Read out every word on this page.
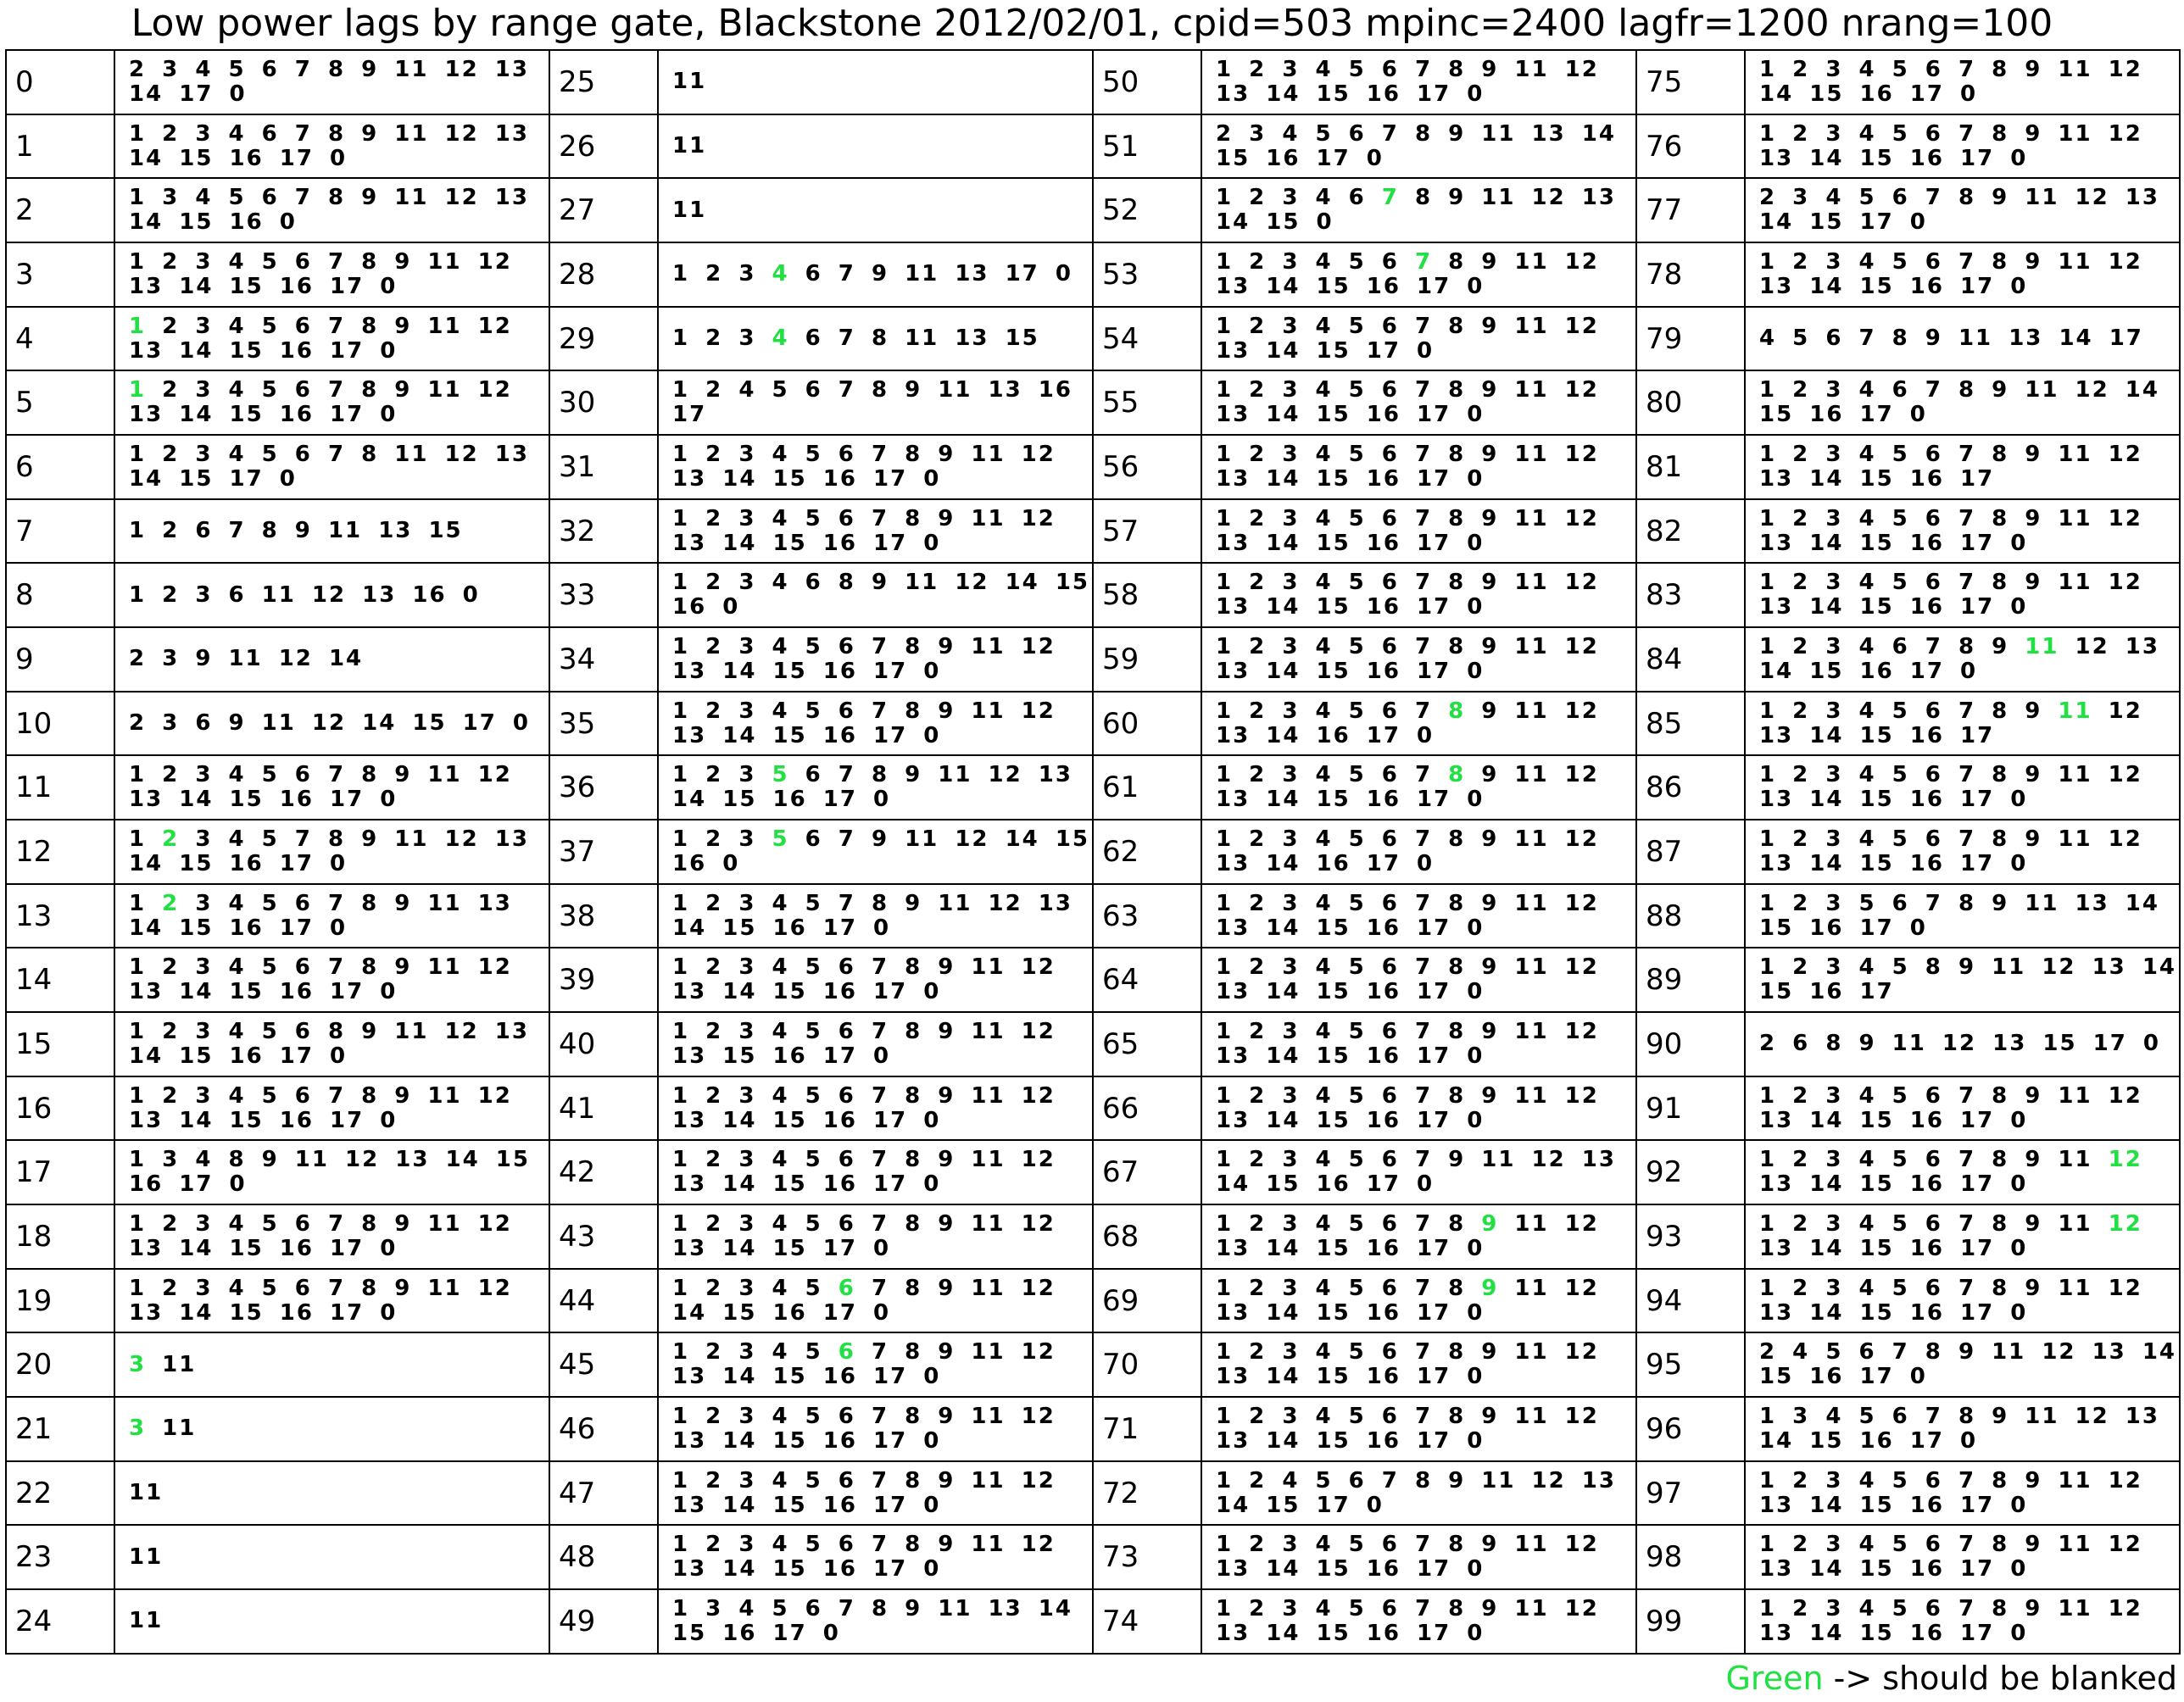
Low power lags by range gate, Blackstone 2012/02/01, cpid=503 mpinc=2400 lagfr=1200 nrang=100
0	2 3 4 5 6 7 8 9 11 12 13 14 17 0	25	11	50	1 2 3 4 5 6 7 8 9 11 12 13 14 15 16 17 0	75	1 2 3 4 5 6 7 8 9 11 12 14 15 16 17 0
1	1 2 3 4 6 7 8 9 11 12 13 14 15 16 17 0	26	11	51	2 3 4 5 6 7 8 9 11 13 14 15 16 17 0	76	1 2 3 4 5 6 7 8 9 11 12 13 14 15 16 17 0
2	1 3 4 5 6 7 8 9 11 12 13 14 15 16 0	27	11	52	1 2 3 4 6 7 8 9 11 12 13 14 15 0	77	2 3 4 5 6 7 8 9 11 12 13 14 15 17 0
3	1 2 3 4 5 6 7 8 9 11 12 13 14 15 16 17 0	28	1 2 3 4 6 7 9 11 13 17 0	53	1 2 3 4 5 6 7 8 9 11 12 13 14 15 16 17 0	78	1 2 3 4 5 6 7 8 9 11 12 13 14 15 16 17 0
4	1 2 3 4 5 6 7 8 9 11 12 13 14 15 16 17 0	29	1 2 3 4 6 7 8 11 13 15	54	1 2 3 4 5 6 7 8 9 11 12 13 14 15 17 0	79	4 5 6 7 8 9 11 13 14 17
5	1 2 3 4 5 6 7 8 9 11 12 13 14 15 16 17 0	30	1 2 4 5 6 7 8 9 11 13 16 17	55	1 2 3 4 5 6 7 8 9 11 12 13 14 15 16 17 0	80	1 2 3 4 6 7 8 9 11 12 14 15 16 17 0
6	1 2 3 4 5 6 7 8 11 12 13 14 15 17 0	31	1 2 3 4 5 6 7 8 9 11 12 13 14 15 16 17 0	56	1 2 3 4 5 6 7 8 9 11 12 13 14 15 16 17 0	81	1 2 3 4 5 6 7 8 9 11 12 13 14 15 16 17
7	1 2 6 7 8 9 11 13 15	32	1 2 3 4 5 6 7 8 9 11 12 13 14 15 16 17 0	57	1 2 3 4 5 6 7 8 9 11 12 13 14 15 16 17 0	82	1 2 3 4 5 6 7 8 9 11 12 13 14 15 16 17 0
8	1 2 3 6 11 12 13 16 0	33	1 2 3 4 6 8 9 11 12 14 15 16 0	58	1 2 3 4 5 6 7 8 9 11 12 13 14 15 16 17 0	83	1 2 3 4 5 6 7 8 9 11 12 13 14 15 16 17 0
9	2 3 9 11 12 14	34	1 2 3 4 5 6 7 8 9 11 12 13 14 15 16 17 0	59	1 2 3 4 5 6 7 8 9 11 12 13 14 15 16 17 0	84	1 2 3 4 6 7 8 9 11 12 13 14 15 16 17 0
10	2 3 6 9 11 12 14 15 17 0	35	1 2 3 4 5 6 7 8 9 11 12 13 14 15 16 17 0	60	1 2 3 4 5 6 7 8 9 11 12 13 14 16 17 0	85	1 2 3 4 5 6 7 8 9 11 12 13 14 15 16 17
11	1 2 3 4 5 6 7 8 9 11 12 13 14 15 16 17 0	36	1 2 3 5 6 7 8 9 11 12 13 14 15 16 17 0	61	1 2 3 4 5 6 7 8 9 11 12 13 14 15 16 17 0	86	1 2 3 4 5 6 7 8 9 11 12 13 14 15 16 17 0
12	1 2 3 4 5 7 8 9 11 12 13 14 15 16 17 0	37	1 2 3 5 6 7 9 11 12 14 15 16 0	62	1 2 3 4 5 6 7 8 9 11 12 13 14 16 17 0	87	1 2 3 4 5 6 7 8 9 11 12 13 14 15 16 17 0
13	1 2 3 4 5 6 7 8 9 11 13 14 15 16 17 0	38	1 2 3 4 5 7 8 9 11 12 13 14 15 16 17 0	63	1 2 3 4 5 6 7 8 9 11 12 13 14 15 16 17 0	88	1 2 3 5 6 7 8 9 11 13 14 15 16 17 0
14	1 2 3 4 5 6 7 8 9 11 12 13 14 15 16 17 0	39	1 2 3 4 5 6 7 8 9 11 12 13 14 15 16 17 0	64	1 2 3 4 5 6 7 8 9 11 12 13 14 15 16 17 0	89	1 2 3 4 5 8 9 11 12 13 14 15 16 17
15	1 2 3 4 5 6 8 9 11 12 13 14 15 16 17 0	40	1 2 3 4 5 6 7 8 9 11 12 13 15 16 17 0	65	1 2 3 4 5 6 7 8 9 11 12 13 14 15 16 17 0	90	2 6 8 9 11 12 13 15 17 0
16	1 2 3 4 5 6 7 8 9 11 12 13 14 15 16 17 0	41	1 2 3 4 5 6 7 8 9 11 12 13 14 15 16 17 0	66	1 2 3 4 5 6 7 8 9 11 12 13 14 15 16 17 0	91	1 2 3 4 5 6 7 8 9 11 12 13 14 15 16 17 0
17	1 3 4 8 9 11 12 13 14 15 16 17 0	42	1 2 3 4 5 6 7 8 9 11 12 13 14 15 16 17 0	67	1 2 3 4 5 6 7 9 11 12 13 14 15 16 17 0	92	1 2 3 4 5 6 7 8 9 11 12 13 14 15 16 17 0
18	1 2 3 4 5 6 7 8 9 11 12 13 14 15 16 17 0	43	1 2 3 4 5 6 7 8 9 11 12 13 14 15 17 0	68	1 2 3 4 5 6 7 8 9 11 12 13 14 15 16 17 0	93	1 2 3 4 5 6 7 8 9 11 12 13 14 15 16 17 0
19	1 2 3 4 5 6 7 8 9 11 12 13 14 15 16 17 0	44	1 2 3 4 5 6 7 8 9 11 12 14 15 16 17 0	69	1 2 3 4 5 6 7 8 9 11 12 13 14 15 16 17 0	94	1 2 3 4 5 6 7 8 9 11 12 13 14 15 16 17 0
20	3 11	45	1 2 3 4 5 6 7 8 9 11 12 13 14 15 16 17 0	70	1 2 3 4 5 6 7 8 9 11 12 13 14 15 16 17 0	95	2 4 5 6 7 8 9 11 12 13 14 15 16 17 0
21	3 11	46	1 2 3 4 5 6 7 8 9 11 12 13 14 15 16 17 0	71	1 2 3 4 5 6 7 8 9 11 12 13 14 15 16 17 0	96	1 3 4 5 6 7 8 9 11 12 13 14 15 16 17 0
22	11	47	1 2 3 4 5 6 7 8 9 11 12 13 14 15 16 17 0	72	1 2 4 5 6 7 8 9 11 12 13 14 15 17 0	97	1 2 3 4 5 6 7 8 9 11 12 13 14 15 16 17 0
23	11	48	1 2 3 4 5 6 7 8 9 11 12 13 14 15 16 17 0	73	1 2 3 4 5 6 7 8 9 11 12 13 14 15 16 17 0	98	1 2 3 4 5 6 7 8 9 11 12 13 14 15 16 17 0
24	11	49	1 3 4 5 6 7 8 9 11 13 14 15 16 17 0	74	1 2 3 4 5 6 7 8 9 11 12 13 14 15 16 17 0	99	1 2 3 4 5 6 7 8 9 11 12 13 14 15 16 17 0
Green -> should be blanked
